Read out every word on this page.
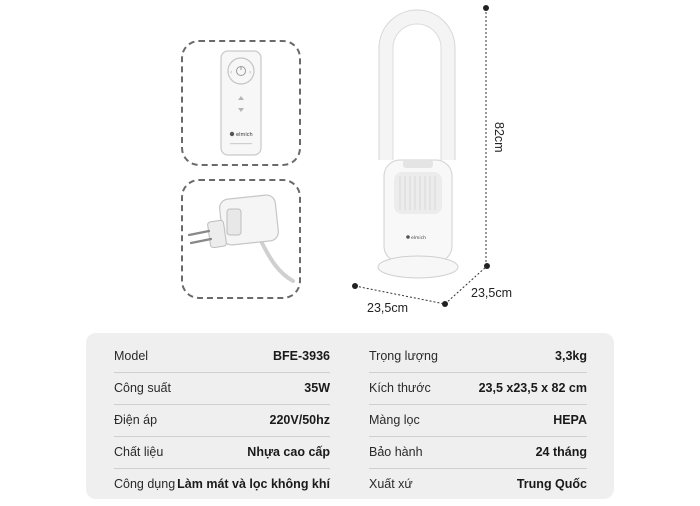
‹	›
elmich
elmich
82cm
23,5cm
23,5cm
Model	BFE-3936
Công suất	35W
Điện áp	220V/50hz
Chất liệu	Nhựa cao cấp
Công dụng Làm mát và lọc không khí
Trọng lượng	3,3kg
Kích thước	23,5 x23,5 x 82 cm
Màng lọc	HEPA
Bảo hành	24 tháng
Xuất xứ	Trung Quốc
